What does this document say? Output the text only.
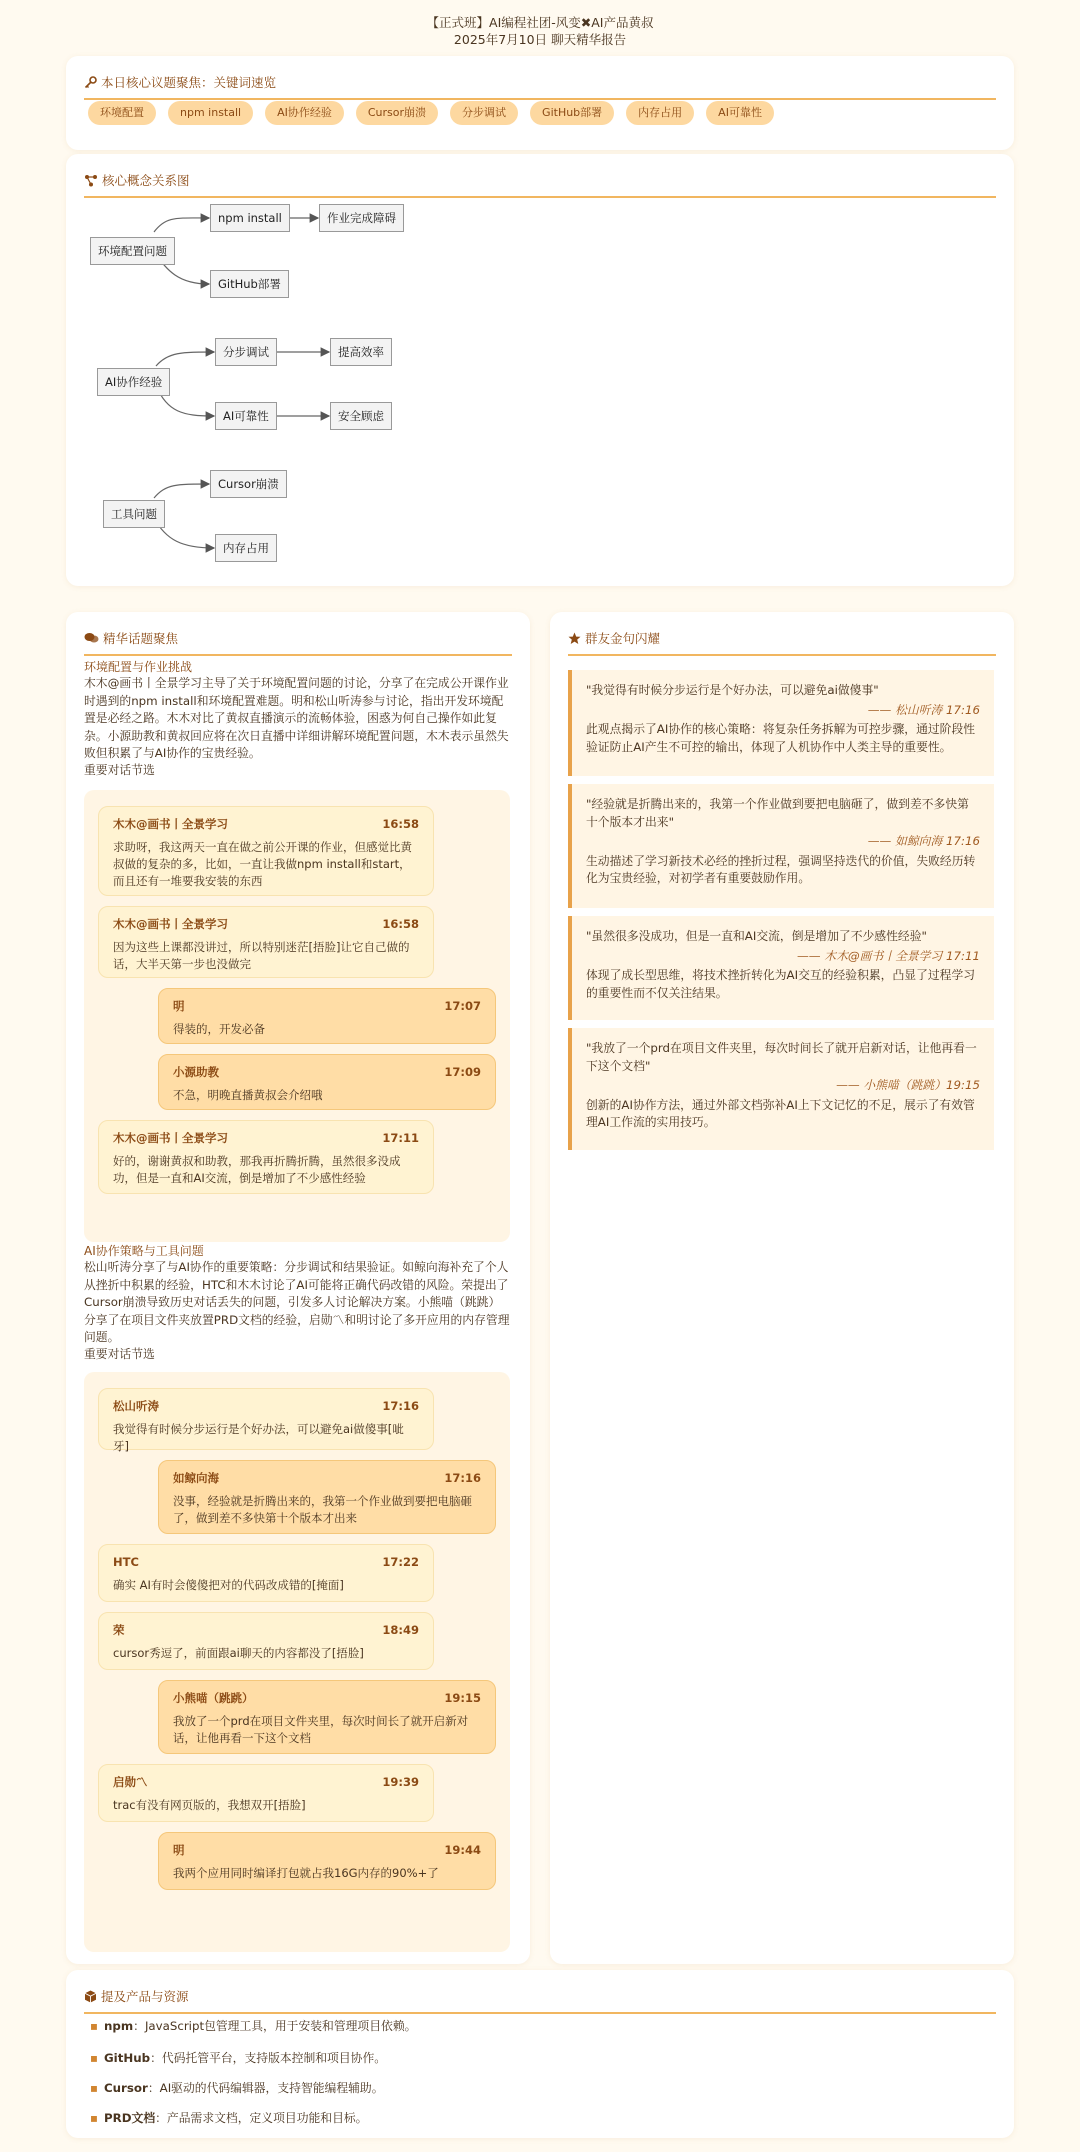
【正式班】AI编程社团-风变✖AI产品黄叔
2025年7月10日 聊天精华报告
本日核心议题聚焦：关键词速览
环境配置	npm install	AI协作经验	Cursor崩溃	分步调试	GitHub部署	内存占用	AI可靠性
核心概念关系图
环境配置问题
npm install	作业完成障碍
GitHub部署
AI协作经验
分步调试	提高效率
AI可靠性	安全顾虑
工具问题
Cursor崩溃
内存占用
精华话题聚焦
环境配置与作业挑战
木木@画书丨全景学习主导了关于环境配置问题的讨论，分享了在完成公开课作业时遇到的npm install和环境配置难题。明和松山听涛参与讨论，指出开发环境配置是必经之路。木木对比了黄叔直播演示的流畅体验，困惑为何自己操作如此复杂。小源助教和黄叔回应将在次日直播中详细讲解环境配置问题，木木表示虽然失败但积累了与AI协作的宝贵经验。
重要对话节选
木木@画书丨全景学习	16:58
求助呀，我这两天一直在做之前公开课的作业，但感觉比黄叔做的复杂的多，比如，一直让我做npm install和start，而且还有一堆要我安装的东西
木木@画书丨全景学习	16:58
因为这些上课都没讲过，所以特别迷茫[捂脸]让它自己做的话，大半天第一步也没做完
明	17:07
得装的，开发必备
小源助教	17:09
不急，明晚直播黄叔会介绍哦
木木@画书丨全景学习	17:11
好的，谢谢黄叔和助教，那我再折腾折腾，虽然很多没成功，但是一直和AI交流，倒是增加了不少感性经验
AI协作策略与工具问题
松山听涛分享了与AI协作的重要策略：分步调试和结果验证。如鲸向海补充了个人从挫折中积累的经验，HTC和木木讨论了AI可能将正确代码改错的风险。荣提出了Cursor崩溃导致历史对话丢失的问题，引发多人讨论解决方案。小熊喵（跳跳）分享了在项目文件夹放置PRD文档的经验，启勋〽和明讨论了多开应用的内存管理问题。
重要对话节选
松山听涛	17:16
我觉得有时候分步运行是个好办法，可以避免ai做傻事[呲牙]
如鲸向海	17:16
没事，经验就是折腾出来的，我第一个作业做到要把电脑砸了，做到差不多快第十个版本才出来
HTC	17:22
确实 AI有时会傻傻把对的代码改成错的[掩面]
荣	18:49
cursor秀逗了，前面跟ai聊天的内容都没了[捂脸]
小熊喵（跳跳）	19:15
我放了一个prd在项目文件夹里，每次时间长了就开启新对话，让他再看一下这个文档
启勋〽	19:39
trac有没有网页版的，我想双开[捂脸]
明	19:44
我两个应用同时编译打包就占我16G内存的90%+了
群友金句闪耀
"我觉得有时候分步运行是个好办法，可以避免ai做傻事"
—— 松山听涛 17:16
此观点揭示了AI协作的核心策略：将复杂任务拆解为可控步骤，通过阶段性验证防止AI产生不可控的输出，体现了人机协作中人类主导的重要性。
"经验就是折腾出来的，我第一个作业做到要把电脑砸了，做到差不多快第十个版本才出来"
—— 如鲸向海 17:16
生动描述了学习新技术必经的挫折过程，强调坚持迭代的价值，失败经历转化为宝贵经验，对初学者有重要鼓励作用。
"虽然很多没成功，但是一直和AI交流，倒是增加了不少感性经验"
—— 木木@画书丨全景学习 17:11
体现了成长型思维，将技术挫折转化为AI交互的经验积累，凸显了过程学习的重要性而不仅关注结果。
"我放了一个prd在项目文件夹里，每次时间长了就开启新对话，让他再看一下这个文档"
—— 小熊喵（跳跳）19:15
创新的AI协作方法，通过外部文档弥补AI上下文记忆的不足，展示了有效管理AI工作流的实用技巧。
提及产品与资源
▪ npm：JavaScript包管理工具，用于安装和管理项目依赖。
▪ GitHub：代码托管平台，支持版本控制和项目协作。
▪ Cursor：AI驱动的代码编辑器，支持智能编程辅助。
▪ PRD文档：产品需求文档，定义项目功能和目标。
